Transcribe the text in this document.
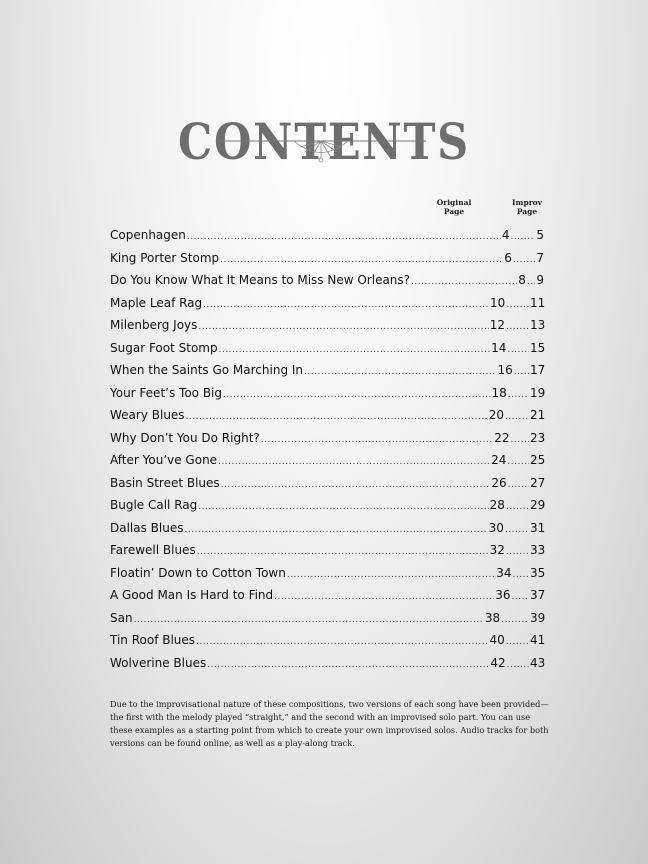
CONTENTS
Original
Page
Improv
Page
Copenhagen .....	4 ..... 5
King Porter Stomp .....	6 ..... 7
Do You Know What It Means to Miss New Orleans? .....	8 ..... 9
Maple Leaf Rag .....	10 ..... 11
Milenberg Joys .....	12 ..... 13
Sugar Foot Stomp .....	14 ..... 15
When the Saints Go Marching In .....	16 ..... 17
Your Feet’s Too Big .....	18 ..... 19
Weary Blues .....	20 ..... 21
Why Don’t You Do Right? .....	22 ..... 23
After You’ve Gone .....	24 ..... 25
Basin Street Blues .....	26 ..... 27
Bugle Call Rag .....	28 ..... 29
Dallas Blues .....	30 ..... 31
Farewell Blues .....	32 ..... 33
Floatin’ Down to Cotton Town .....	34 ..... 35
A Good Man Is Hard to Find .....	36 ..... 37
San .....	38 ..... 39
Tin Roof Blues .....	40 ..... 41
Wolverine Blues .....	42 ..... 43

Due to the improvisational nature of these compositions, two versions of each song have been provided—the first with the melody played “straight,” and the second with an improvised solo part. You can use these examples as a starting point from which to create your own improvised solos. Audio tracks for both versions can be found online, as well as a play-along track.
